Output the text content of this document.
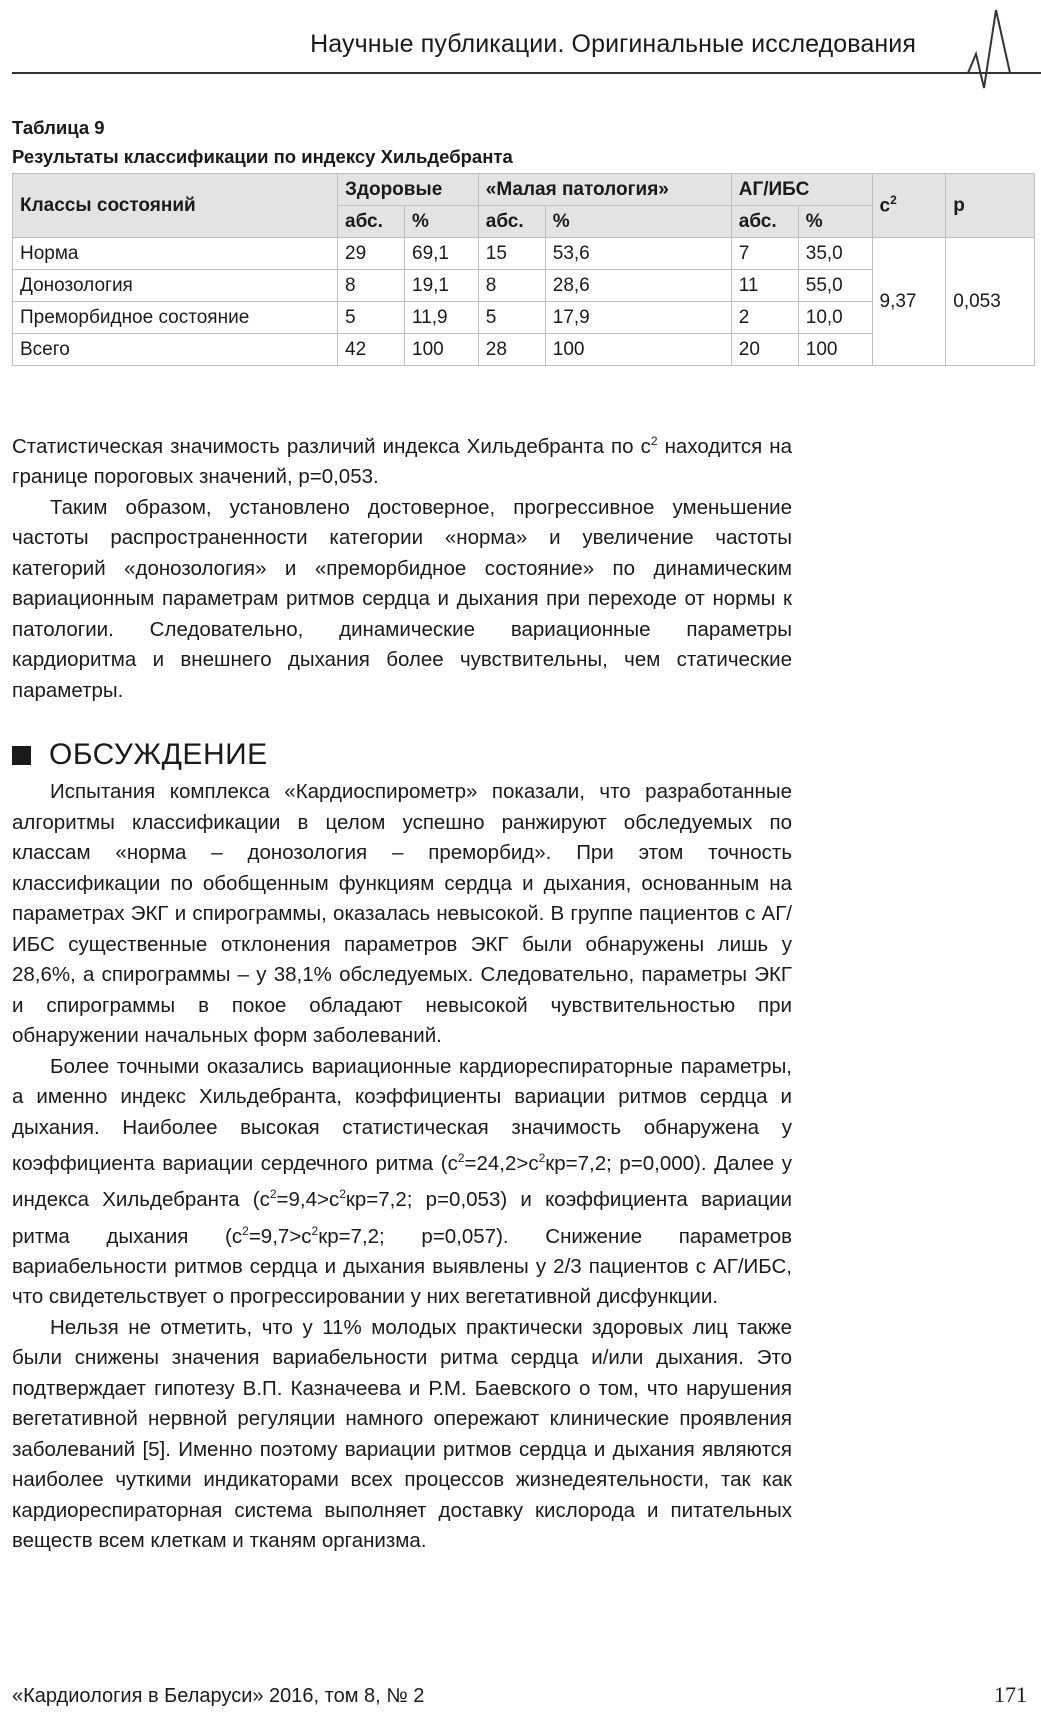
Научные публикации. Оригинальные исследования
Таблица 9
Результаты классификации по индексу Хильдебранта
Классы состояний	Здоровые		«Малая патология»		АГ/ИБС		$c^2$	р
	абс.	%	абс.	%	абс.	%		
Норма	29	69,1	15	53,6	7	35,0	9,37	0,053
Донозология	8	19,1	8	28,6	11	55,0		
Преморбидное состояние	5	11,9	5	17,9	2	10,0		
Всего	42	100	28	100	20	100		

Статистическая значимость различий индекса Хильдебранта по $с^2$ находится на границе пороговых значений, р=0,053.

Таким образом, установлено достоверное, прогрессивное уменьшение частоты распространенности категории «норма» и увеличение частоты категорий «донозология» и «преморбидное состояние» по динамическим вариационным параметрам ритмов сердца и дыхания при переходе от нормы к патологии. Следовательно, динамические вариационные параметры кардиоритма и внешнего дыхания более чувствительны, чем статические параметры.

ОБСУЖДЕНИЕ

Испытания комплекса «Кардиоспирометр» показали, что разработанные алгоритмы классификации в целом успешно ранжируют обследуемых по классам «норма – донозология – преморбид». При этом точность классификации по обобщенным функциям сердца и дыхания, основанным на параметрах ЭКГ и спирограммы, оказалась невысокой. В группе пациентов с АГ/ИБС существенные отклонения параметров ЭКГ были обнаружены лишь у 28,6%, а спирограммы – у 38,1% обследуемых. Следовательно, параметры ЭКГ и спирограммы в покое обладают невысокой чувствительностью при обнаружении начальных форм заболеваний.

Более точными оказались вариационные кардиореспираторные параметры, а именно индекс Хильдебранта, коэффициенты вариации ритмов сердца и дыхания. Наиболее высокая статистическая значимость обнаружена у коэффициента вариации сердечного ритма ($c^2=24,2>c^2кр=7,2$; р=0,000). Далее у индекса Хильдебранта ($c^2=9,4>c^2кр=7,2$; р=0,053) и коэффициента вариации ритма дыхания ($c^2=9,7>c^2кр=7,2$; р=0,057). Снижение параметров вариабельности ритмов сердца и дыхания выявлены у 2/3 пациентов с АГ/ИБС, что свидетельствует о прогрессировании у них вегетативной дисфункции.

Нельзя не отметить, что у 11% молодых практически здоровых лиц также были снижены значения вариабельности ритма сердца и/или дыхания. Это подтверждает гипотезу В.П. Казначеева и Р.М. Баевского о том, что нарушения вегетативной нервной регуляции намного опережают клинические проявления заболеваний [5]. Именно поэтому вариации ритмов сердца и дыхания являются наиболее чуткими индикаторами всех процессов жизнедеятельности, так как кардиореспираторная система выполняет доставку кислорода и питательных веществ всем клеткам и тканям организма.

«Кардиология в Беларуси» 2016, том 8, № 2	171
